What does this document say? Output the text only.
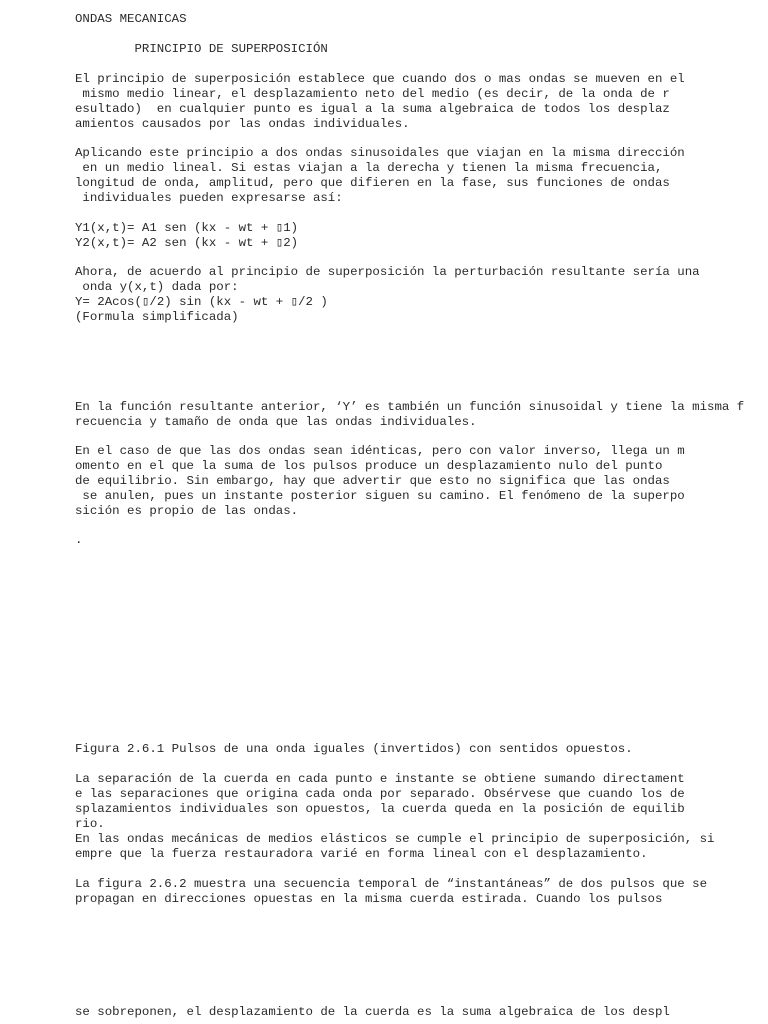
ONDAS MECANICAS

PRINCIPIO DE SUPERPOSICIÓN

El principio de superposición establece que cuando dos o mas ondas se mueven en el

mismo medio linear, el desplazamiento neto del medio (es decir, de la onda de r

esultado)  en cualquier punto es igual a la suma algebraica de todos los desplaz

amientos causados por las ondas individuales.

Aplicando este principio a dos ondas sinusoidales que viajan en la misma dirección

en un medio lineal. Si estas viajan a la derecha y tienen la misma frecuencia,

longitud de onda, amplitud, pero que difieren en la fase, sus funciones de ondas

individuales pueden expresarse así:

Y1(x,t)= A1 sen (kx - wt + ▯1)

Y2(x,t)= A2 sen (kx - wt + ▯2)

Ahora, de acuerdo al principio de superposición la perturbación resultante sería una

onda y(x,t) dada por:

Y= 2Acos(▯/2) sin (kx - wt + ▯/2 )

(Formula simplificada)

En la función resultante anterior, ‘Y’ es también un función sinusoidal y tiene la misma f

recuencia y tamaño de onda que las ondas individuales.

En el caso de que las dos ondas sean idénticas, pero con valor inverso, llega un m

omento en el que la suma de los pulsos produce un desplazamiento nulo del punto

de equilibrio. Sin embargo, hay que advertir que esto no significa que las ondas

se anulen, pues un instante posterior siguen su camino. El fenómeno de la superpo

sición es propio de las ondas.

.

Figura 2.6.1 Pulsos de una onda iguales (invertidos) con sentidos opuestos.

La separación de la cuerda en cada punto e instante se obtiene sumando directament

e las separaciones que origina cada onda por separado. Obsérvese que cuando los de

splazamientos individuales son opuestos, la cuerda queda en la posición de equilib

rio.

En las ondas mecánicas de medios elásticos se cumple el principio de superposición, si

empre que la fuerza restauradora varié en forma lineal con el desplazamiento.

La figura 2.6.2 muestra una secuencia temporal de “instantáneas” de dos pulsos que se

propagan en direcciones opuestas en la misma cuerda estirada. Cuando los pulsos

se sobreponen, el desplazamiento de la cuerda es la suma algebraica de los despl
